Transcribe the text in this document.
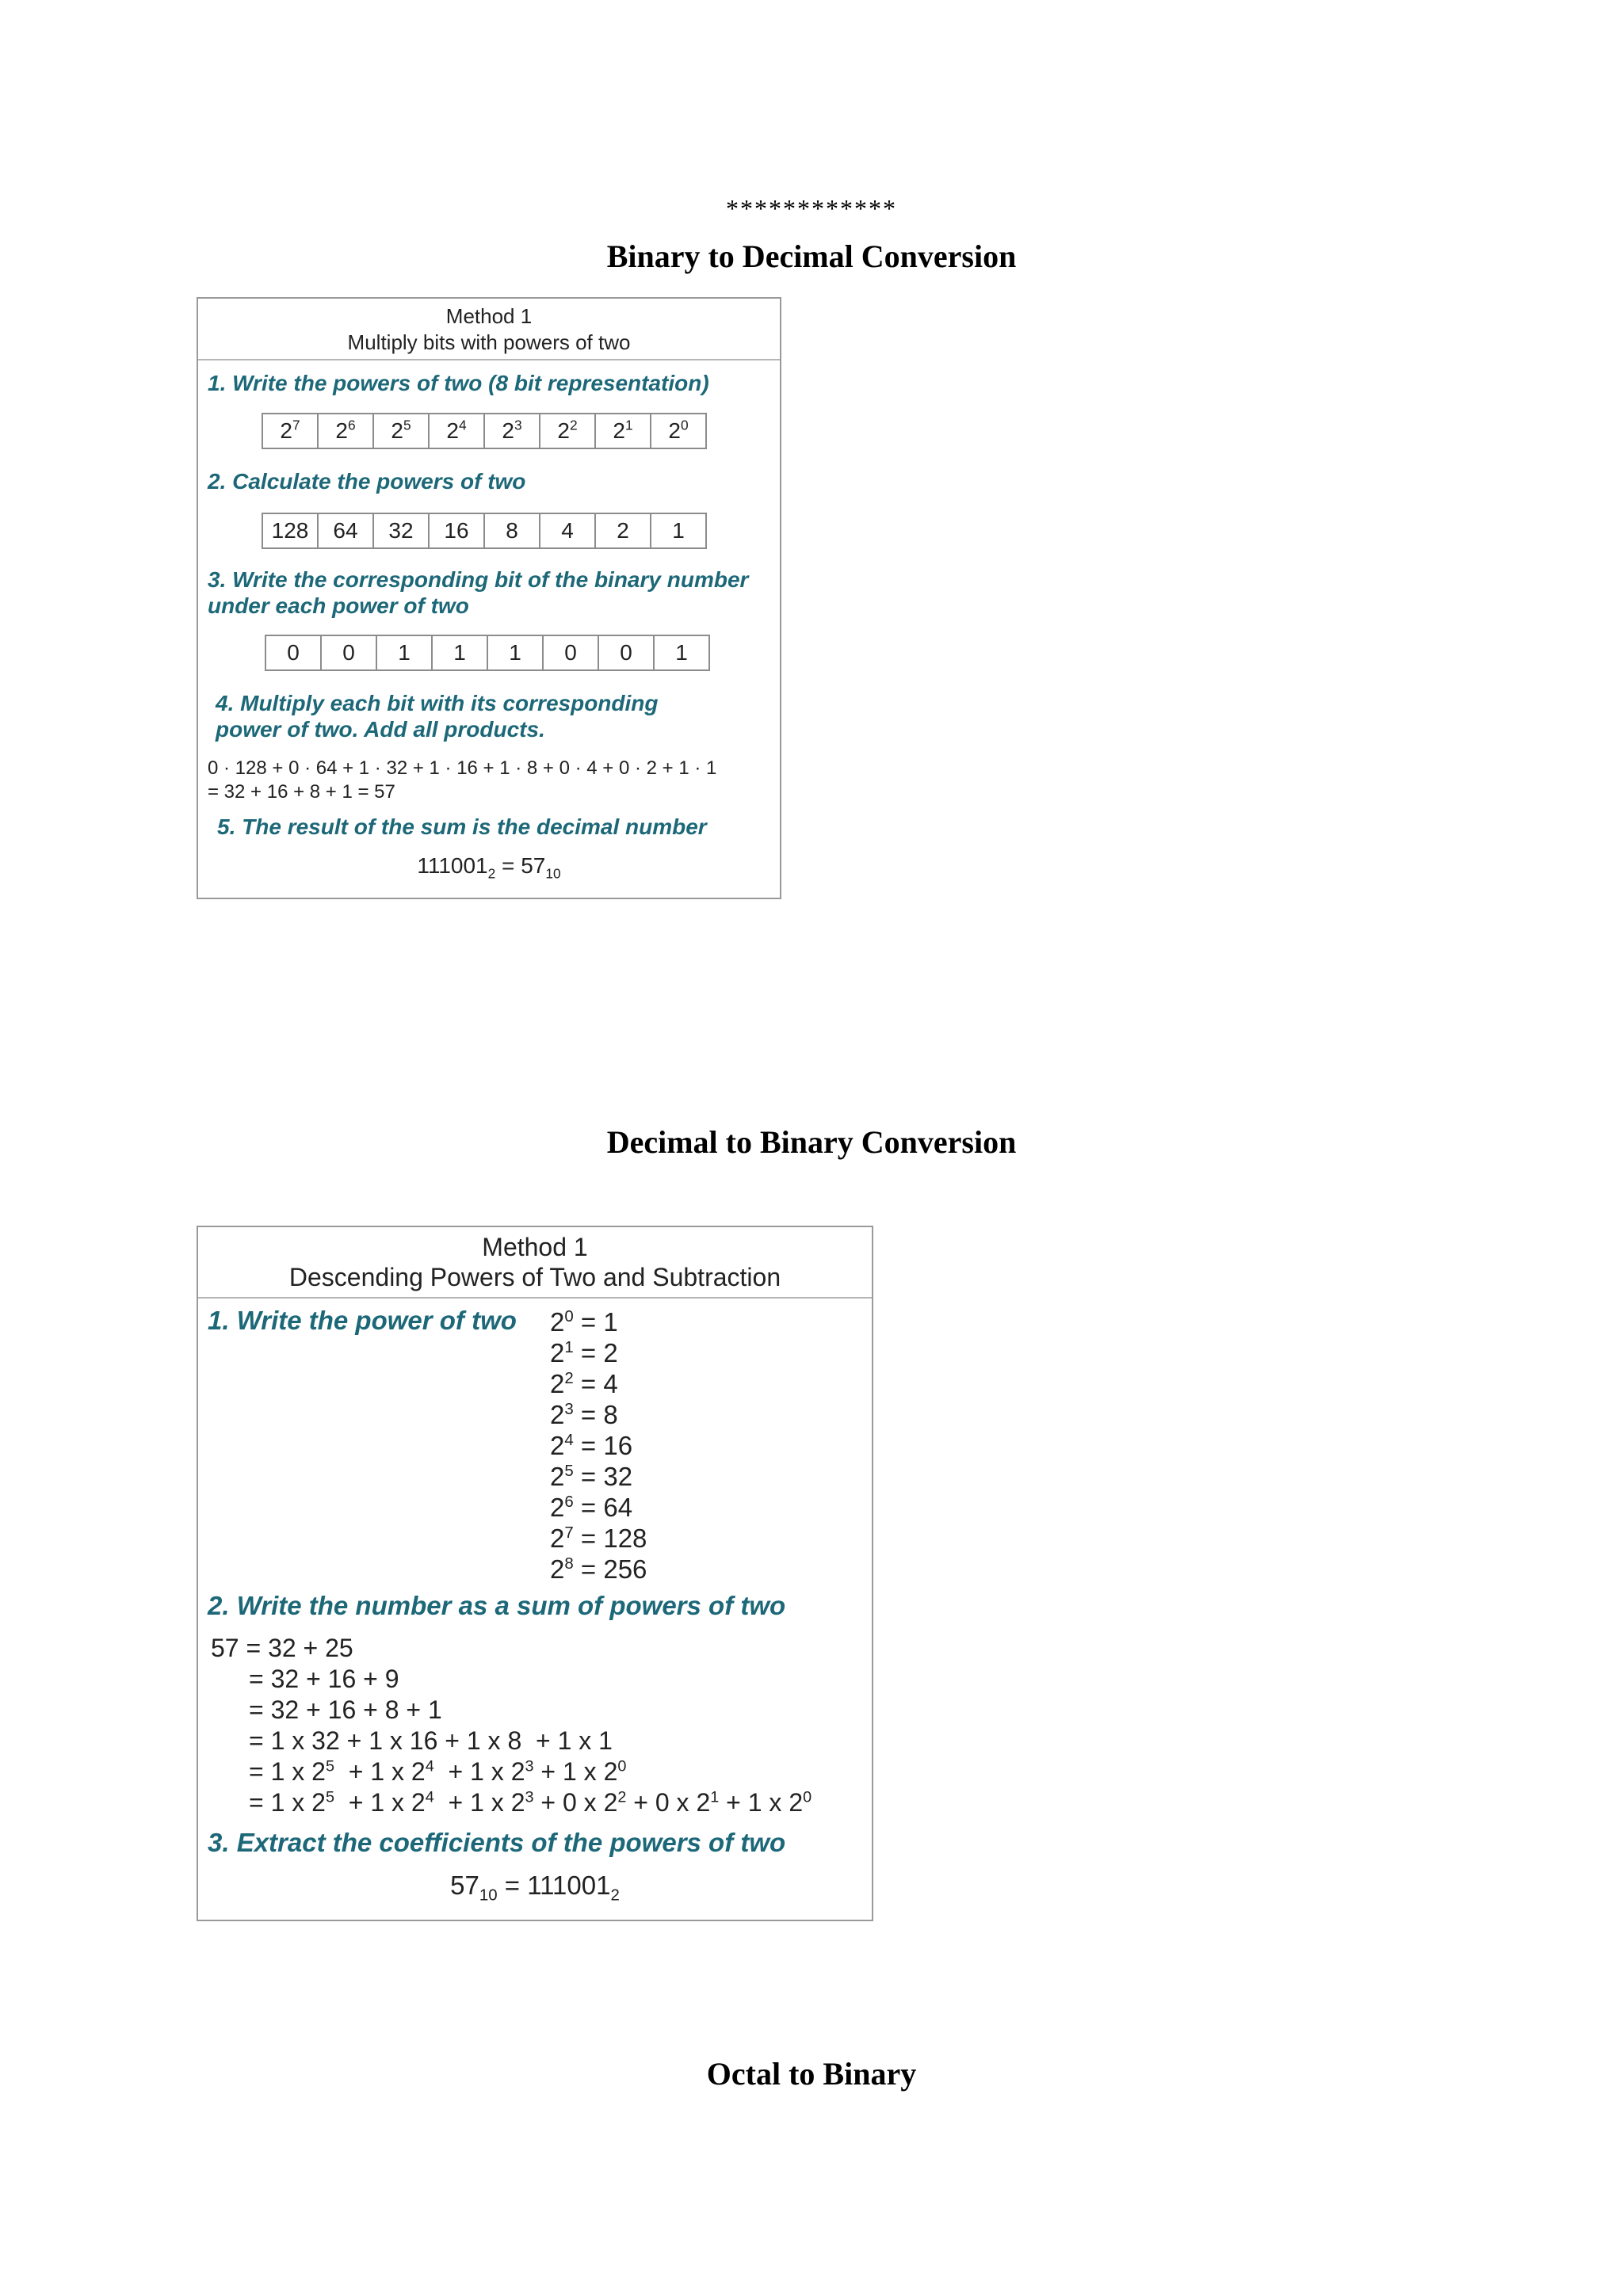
************
Binary to Decimal Conversion
Method 1
Multiply bits with powers of two
1. Write the powers of two (8 bit representation)
$2^7$	$2^6$	$2^5$	$2^4$	$2^3$	$2^2$	$2^1$	$2^0$
2. Calculate the powers of two
128	64	32	16	8	4	2	1
3. Write the corresponding bit of the binary number
under each power of two
0	0	1	1	1	0	0	1
4. Multiply each bit with its corresponding
power of two. Add all products.
0 · 128 + 0 · 64 + 1 · 32 + 1 · 16 + 1 · 8 + 0 · 4 + 0 · 2 + 1 · 1
= 32 + 16 + 8 + 1 = 57
5. The result of the sum is the decimal number
$111001_2 = 57_{10}$
Decimal to Binary Conversion
Method 1
Descending Powers of Two and Subtraction
1. Write the power of two $2^0 = 1$
$2^1 = 2$
$2^2 = 4$
$2^3 = 8$
$2^4 = 16$
$2^5 = 32$
$2^6 = 64$
$2^7 = 128$
$2^8 = 256$
2. Write the number as a sum of powers of two
57 = 32 + 25
= 32 + 16 + 9
= 32 + 16 + 8 + 1
= 1 x 32 + 1 x 16 + 1 x 8  + 1 x 1
= 1 x $2^5 + 1$ x $2^4 + 1$ x $2^3 + 1$ x $2^0$
= 1 x $2^5 + 1$ x $2^4 + 1$ x $2^3 + 0$ x $2^2 + 0$ x $2^1 + 1$ x $2^0$
3. Extract the coefficients of the powers of two
$57_{10} = 111001_2$
Octal to Binary
